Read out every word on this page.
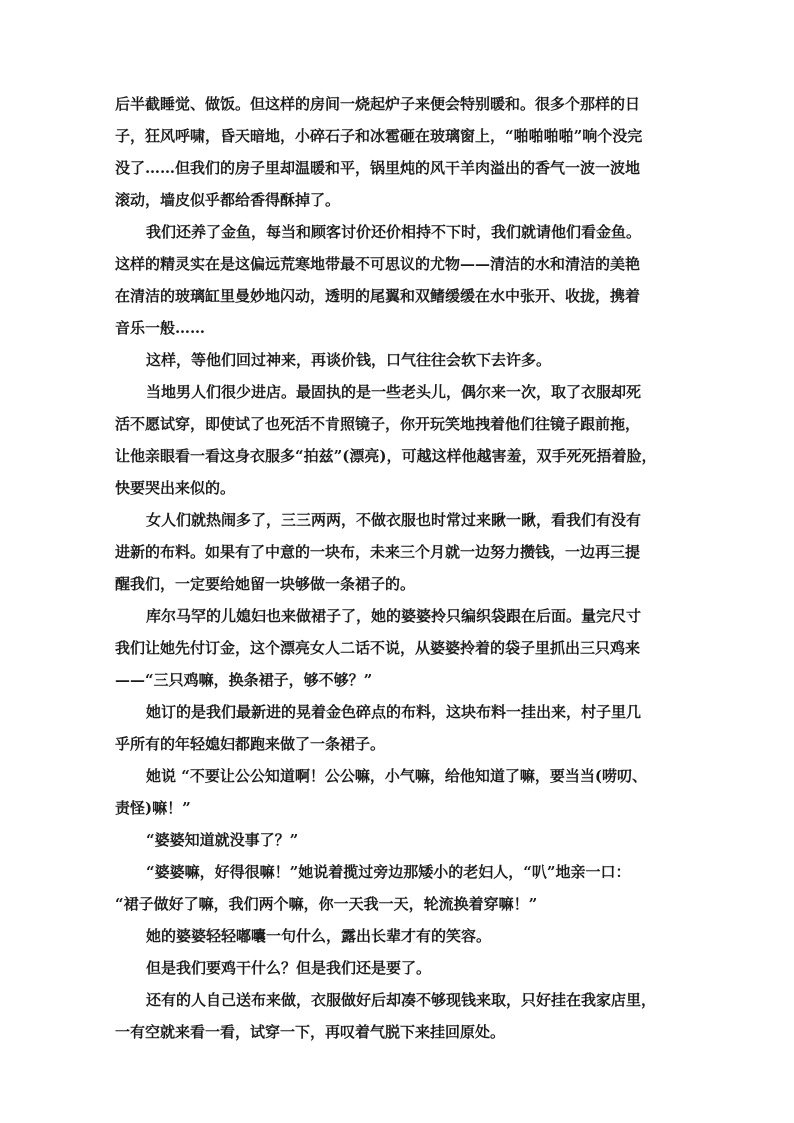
后半截睡觉、做饭。但这样的房间一烧起炉子来便会特别暖和。很多个那样的日
子，狂风呼啸，昏天暗地，小碎石子和冰雹砸在玻璃窗上，“啪啪啪啪”响个没完
没了……但我们的房子里却温暖和平，锅里炖的风干羊肉溢出的香气一波一波地
滚动，墙皮似乎都给香得酥掉了。
我们还养了金鱼，每当和顾客讨价还价相持不下时，我们就请他们看金鱼。
这样的精灵实在是这偏远荒寒地带最不可思议的尤物——清洁的水和清洁的美艳
在清洁的玻璃缸里曼妙地闪动，透明的尾翼和双鳍缓缓在水中张开、收拢，携着
音乐一般……
这样，等他们回过神来，再谈价钱，口气往往会软下去许多。
当地男人们很少进店。最固执的是一些老头儿，偶尔来一次，取了衣服却死
活不愿试穿，即使试了也死活不肯照镜子，你开玩笑地拽着他们往镜子跟前拖，
让他亲眼看一看这身衣服多“拍兹”(漂亮)，可越这样他越害羞，双手死死捂着脸，
快要哭出来似的。
女人们就热闹多了，三三两两，不做衣服也时常过来瞅一瞅，看我们有没有
进新的布料。如果有了中意的一块布，未来三个月就一边努力攒钱，一边再三提
醒我们，一定要给她留一块够做一条裙子的。
库尔马罕的儿媳妇也来做裙子了，她的婆婆拎只编织袋跟在后面。量完尺寸
我们让她先付订金，这个漂亮女人二话不说，从婆婆拎着的袋子里抓出三只鸡来
——“三只鸡嘛，换条裙子，够不够？”
她订的是我们最新进的晃着金色碎点的布料，这块布料一挂出来，村子里几
乎所有的年轻媳妇都跑来做了一条裙子。
她说 “不要让公公知道啊！公公嘛，小气嘛，给他知道了嘛，要当当(唠叨、
责怪)嘛！”
“婆婆知道就没事了？”
“婆婆嘛，好得很嘛！”她说着揽过旁边那矮小的老妇人，“叭”地亲一口：
“裙子做好了嘛，我们两个嘛，你一天我一天，轮流换着穿嘛！”
她的婆婆轻轻嘟囔一句什么，露出长辈才有的笑容。
但是我们要鸡干什么？但是我们还是要了。
还有的人自己送布来做，衣服做好后却凑不够现钱来取，只好挂在我家店里，
一有空就来看一看，试穿一下，再叹着气脱下来挂回原处。
